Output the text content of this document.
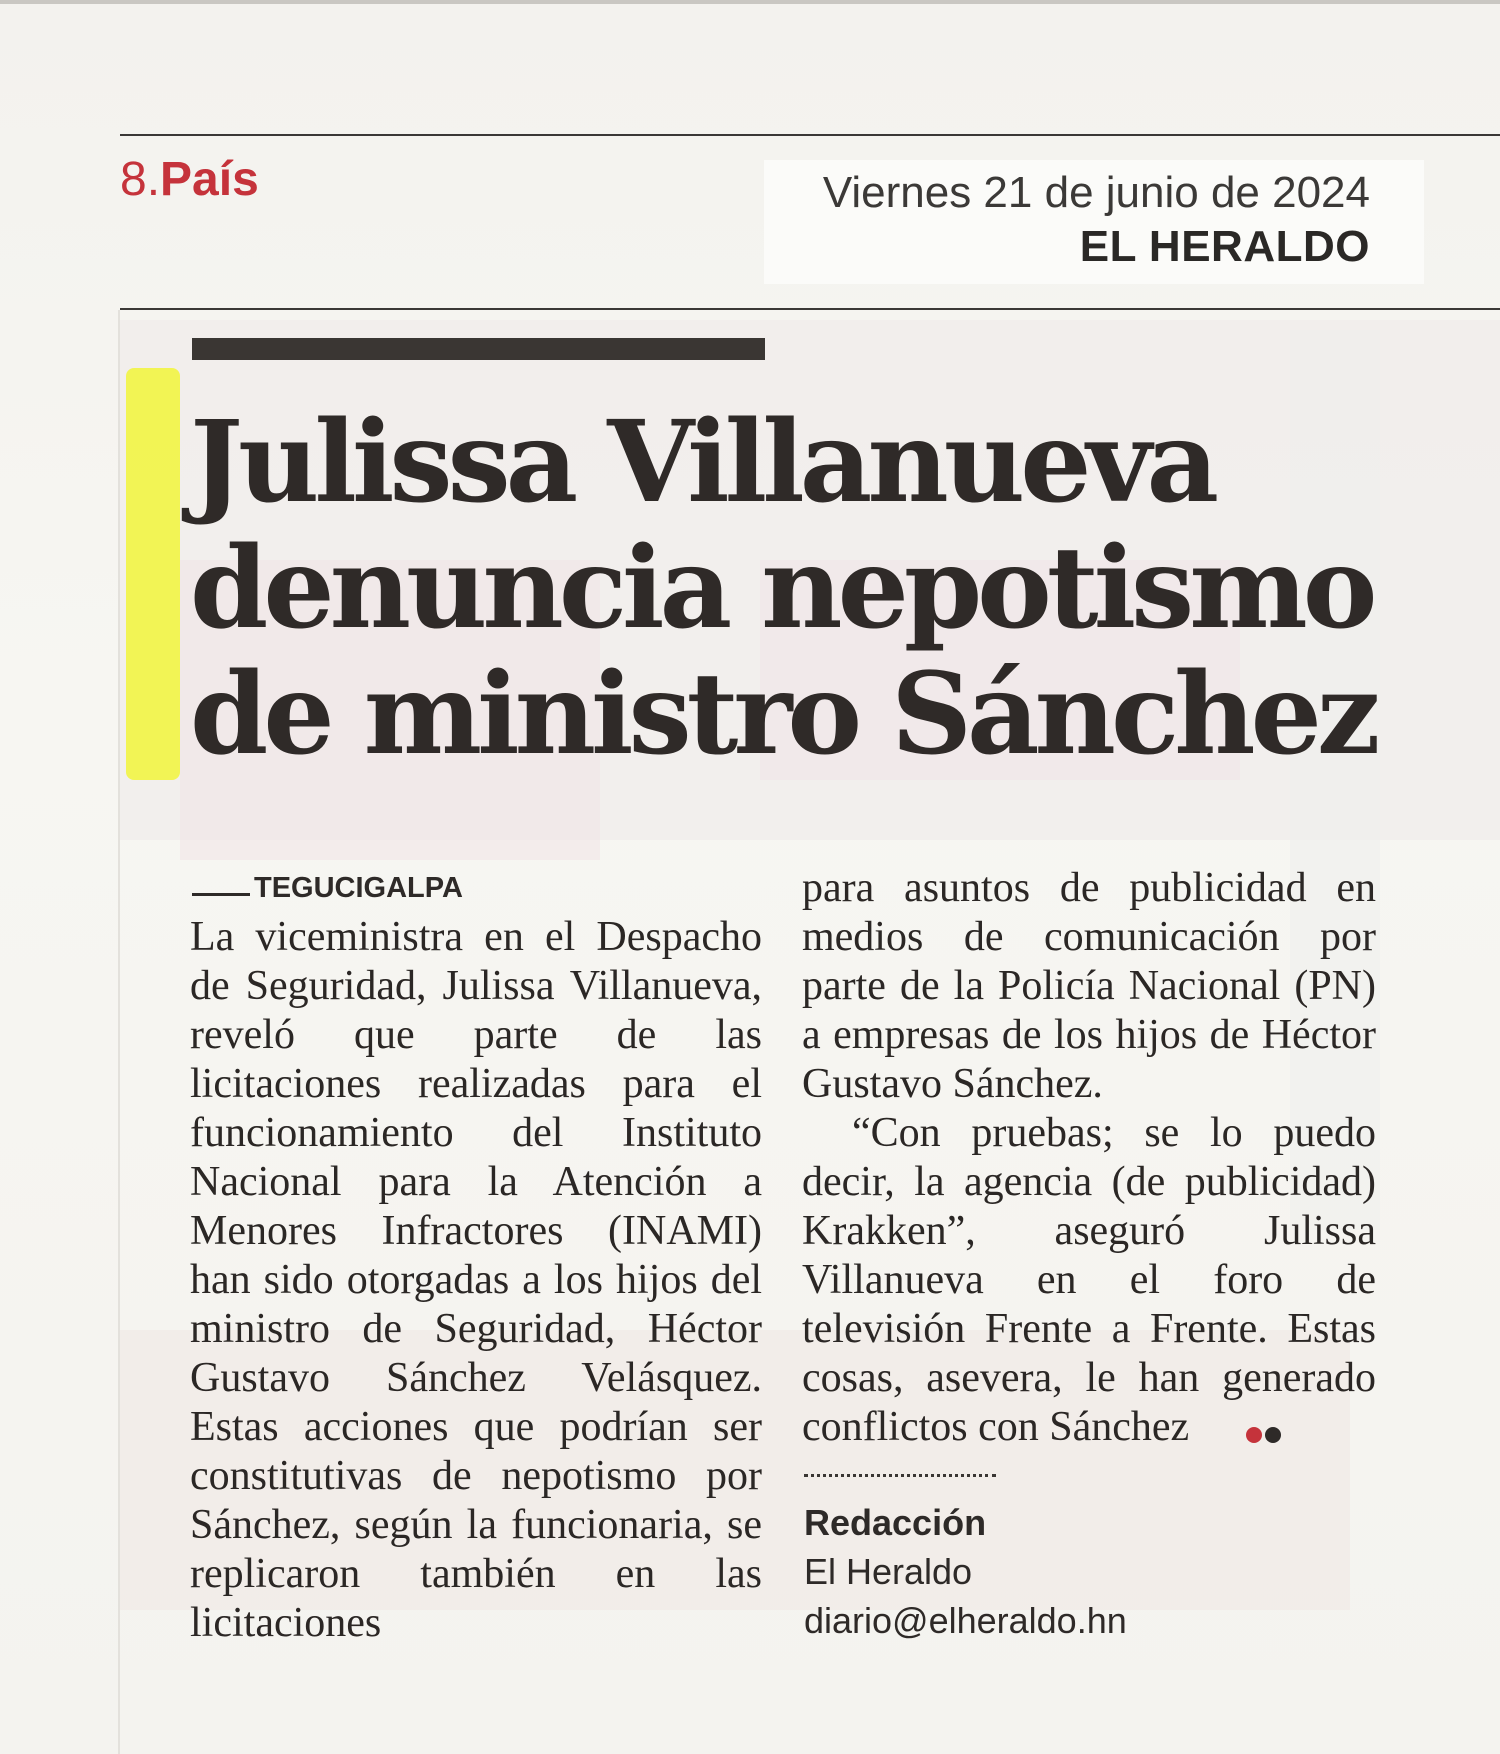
8.País	Viernes 21 de junio de 2024
EL HERALDO
Julissa Villanueva
denuncia nepotismo
de ministro Sánchez
TEGUCIGALPA

La viceministra en el Despacho de Seguridad, Julissa Villanueva, reveló que parte de las licitaciones realizadas para el funcionamiento del Instituto Nacional para la Atención a Menores Infractores (INAMI) han sido otorgadas a los hijos del ministro de Seguridad, Héctor Gustavo Sánchez Velásquez. Estas acciones que podrían ser constitutivas de nepotismo por Sánchez, según la funcionaria, se replicaron también en las licitaciones

para asuntos de publicidad en medios de comunicación por parte de la Policía Nacional (PN) a empresas de los hijos de Héctor Gustavo Sánchez.

“Con pruebas; se lo puedo decir, la agencia (de publicidad) Krakken”, aseguró Julissa Villanueva en el foro de televisión Frente a Frente. Estas cosas, asevera, le han generado conflictos con Sánchez

Redacción
El Heraldo
diario@elheraldo.hn
